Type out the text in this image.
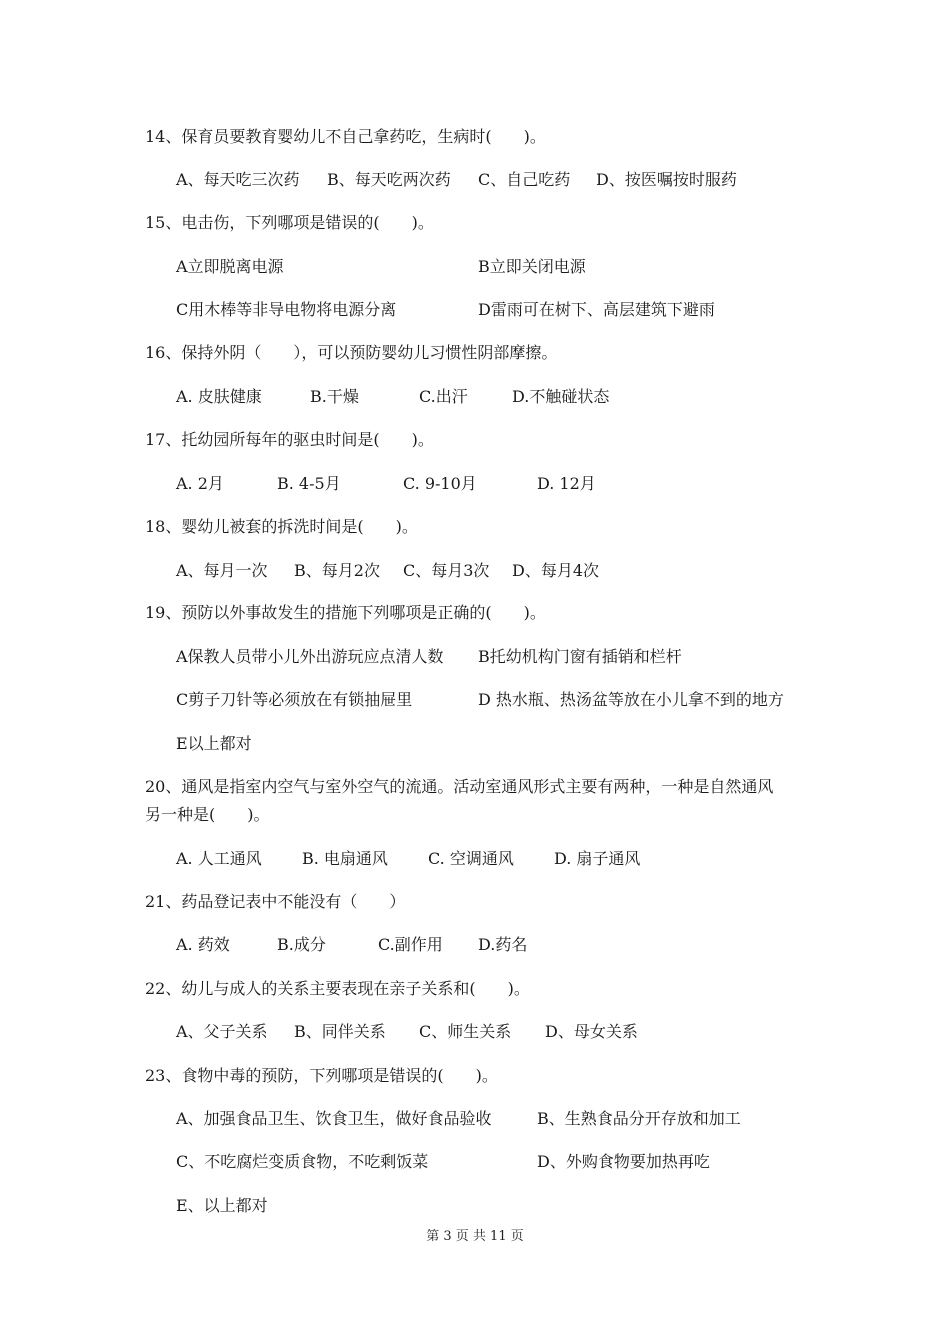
14、保育员要教育婴幼儿不自己拿药吃，生病时(　　)。
A、每天吃三次药 B、每天吃两次药 C、自己吃药 D、按医嘱按时服药
15、电击伤，下列哪项是错误的(　　)。
A立即脱离电源	B立即关闭电源
C用木棒等非导电物将电源分离	D雷雨可在树下、高层建筑下避雨
16、保持外阴（　　），可以预防婴幼儿习惯性阴部摩擦。
A. 皮肤健康	B.干燥	C.出汗	D.不触碰状态
17、托幼园所每年的驱虫时间是(　　)。
A. 2月	B. 4-5月	C. 9-10月	D. 12月
18、婴幼儿被套的拆洗时间是(　　)。
A、每月一次 B、每月2次 C、每月3次 D、每月4次
19、预防以外事故发生的措施下列哪项是正确的(　　)。
A保教人员带小儿外出游玩应点清人数 B托幼机构门窗有插销和栏杆
C剪子刀针等必须放在有锁抽屉里	D 热水瓶、热汤盆等放在小儿拿不到的地方
E以上都对
20、通风是指室内空气与室外空气的流通。活动室通风形式主要有两种，一种是自然通风
另一种是(　　)。
A. 人工通风	B. 电扇通风	C. 空调通风	D. 扇子通风
21、药品登记表中不能没有（　　）
A. 药效	B.成分	C.副作用 D.药名
22、幼儿与成人的关系主要表现在亲子关系和(　　)。
A、父子关系 B、同伴关系 C、师生关系 D、母女关系
23、食物中毒的预防，下列哪项是错误的(　　)。
A、加强食品卫生、饮食卫生，做好食品验收	B、生熟食品分开存放和加工
C、不吃腐烂变质食物，不吃剩饭菜	D、外购食物要加热再吃
E、以上都对
第 3 页 共 11 页
